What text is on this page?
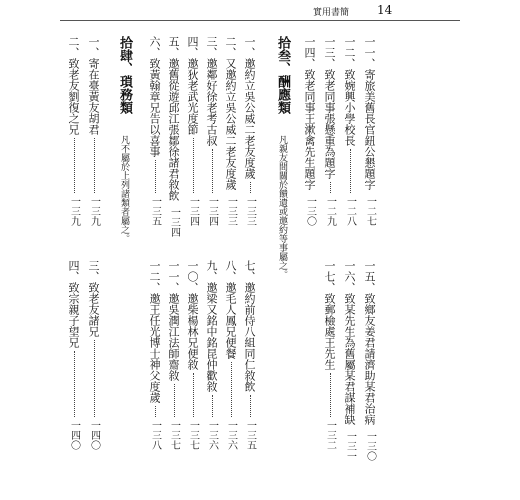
實用書簡 14
一一、寄旅美舊長官鈕公懇題字
一二七
一二、致婉興小學校長
一二八
一三、致老同事張懸重為題字
一二九
一四、致老同事王漱禽先生題字
一三〇
拾叁、酬應類 凡親友間關於饋遺或邀約等事屬之。
一、邀約立吳公威二老友度歲
一三三
二、又邀約立吳公威二老友度歲
一三三
三、邀鄰好徐老考古叔
一三四
四、邀狄老武光度節
一三四
五、邀舊從遊邱江張鄒徐諸君敘飲
一三四
六、致黃翰章兄告以喜事
一三五
拾肆、瑣務類 凡不屬於上列諸類者屬之。
一、寄在臺黃友胡君
一三九
二、致老友劉復之兄
一三九
一五、致鄉友姜君請濟助某君治病
一三〇
一六、致某先生為舊屬某君謀補缺
一三一
一七、致郵檢處王先生
一三二
七、邀約前侍八組同仁敘飲
一三五
八、邀毛人鳳兄便餐
一三六
九、邀梁又銘中銘昆仲歡敘
一三六
一〇、邀柴楊林兄便敘
一三七
一一、邀吳潤江法師齋敘
一三七
一二、邀王任光博士神父度歲
一三八
三、致老友諸兄
一四〇
四、致宗親子望兄
一四〇
